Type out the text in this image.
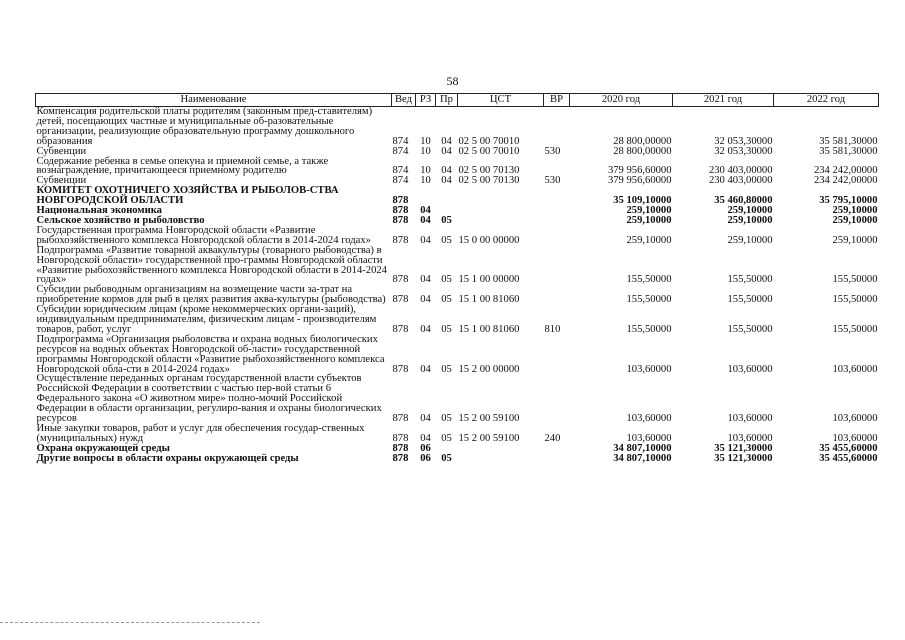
58
Наименование	Вед	РЗ	Пр	ЦСТ	ВР	2020 год	2021 год	2022 год
Компенсация родительской платы родителям (законным пред-ставителям) детей, посещающих частные и муниципальные об-разовательные организации, реализующие образовательную программу дошкольного образования	874	10	04	02 5 00 70010		28 800,00000	32 053,30000	35 581,30000
Субвенции	874	10	04	02 5 00 70010	530	28 800,00000	32 053,30000	35 581,30000
Содержание ребенка в семье опекуна и приемной семье, а также вознаграждение, причитающееся приемному родителю	874	10	04	02 5 00 70130		379 956,60000	230 403,00000	234 242,00000
Субвенции	874	10	04	02 5 00 70130	530	379 956,60000	230 403,00000	234 242,00000
КОМИТЕТ ОХОТНИЧЕГО ХОЗЯЙСТВА И РЫБОЛОВ-СТВА НОВГОРОДСКОЙ ОБЛАСТИ	878					35 109,10000	35 460,80000	35 795,10000
Национальная экономика	878	04				259,10000	259,10000	259,10000
Сельское хозяйство и рыболовство	878	04	05			259,10000	259,10000	259,10000
Государственная программа Новгородской области «Развитие рыбохозяйственного комплекса Новгородской области в 2014-2024 годах»	878	04	05	15 0 00 00000		259,10000	259,10000	259,10000
Подпрограмма «Развитие товарной аквакультуры (товарного рыбоводства) в Новгородской области» государственной про-граммы Новгородской области «Развитие рыбохозяйственного комплекса Новгородской области в 2014-2024 годах»	878	04	05	15 1 00 00000		155,50000	155,50000	155,50000
Субсидии рыбоводным организациям на возмещение части за-трат на приобретение кормов для рыб в целях развития аква-культуры (рыбоводства)	878	04	05	15 1 00 81060		155,50000	155,50000	155,50000
Субсидии юридическим лицам (кроме некоммерческих органи-заций), индивидуальным предпринимателям, физическим лицам - производителям товаров, работ, услуг	878	04	05	15 1 00 81060	810	155,50000	155,50000	155,50000
Подпрограмма «Организация рыболовства и охрана водных биологических ресурсов на водных объектах Новгородской об-ласти» государственной программы Новгородской области «Развитие рыбохозяйственного комплекса Новгородской обла-сти в 2014-2024 годах»	878	04	05	15 2 00 00000		103,60000	103,60000	103,60000
Осуществление переданных органам государственной власти субъектов Российской Федерации в соответствии с частью пер-вой статьи 6 Федерального закона «О животном мире» полно-мочий Российской Федерации в области организации, регулиро-вания и охраны биологических ресурсов	878	04	05	15 2 00 59100		103,60000	103,60000	103,60000
Иные закупки товаров, работ и услуг для обеспечения государ-ственных (муниципальных) нужд	878	04	05	15 2 00 59100	240	103,60000	103,60000	103,60000
Охрана окружающей среды	878	06				34 807,10000	35 121,30000	35 455,60000
Другие вопросы в области охраны окружающей среды	878	06	05			34 807,10000	35 121,30000	35 455,60000
